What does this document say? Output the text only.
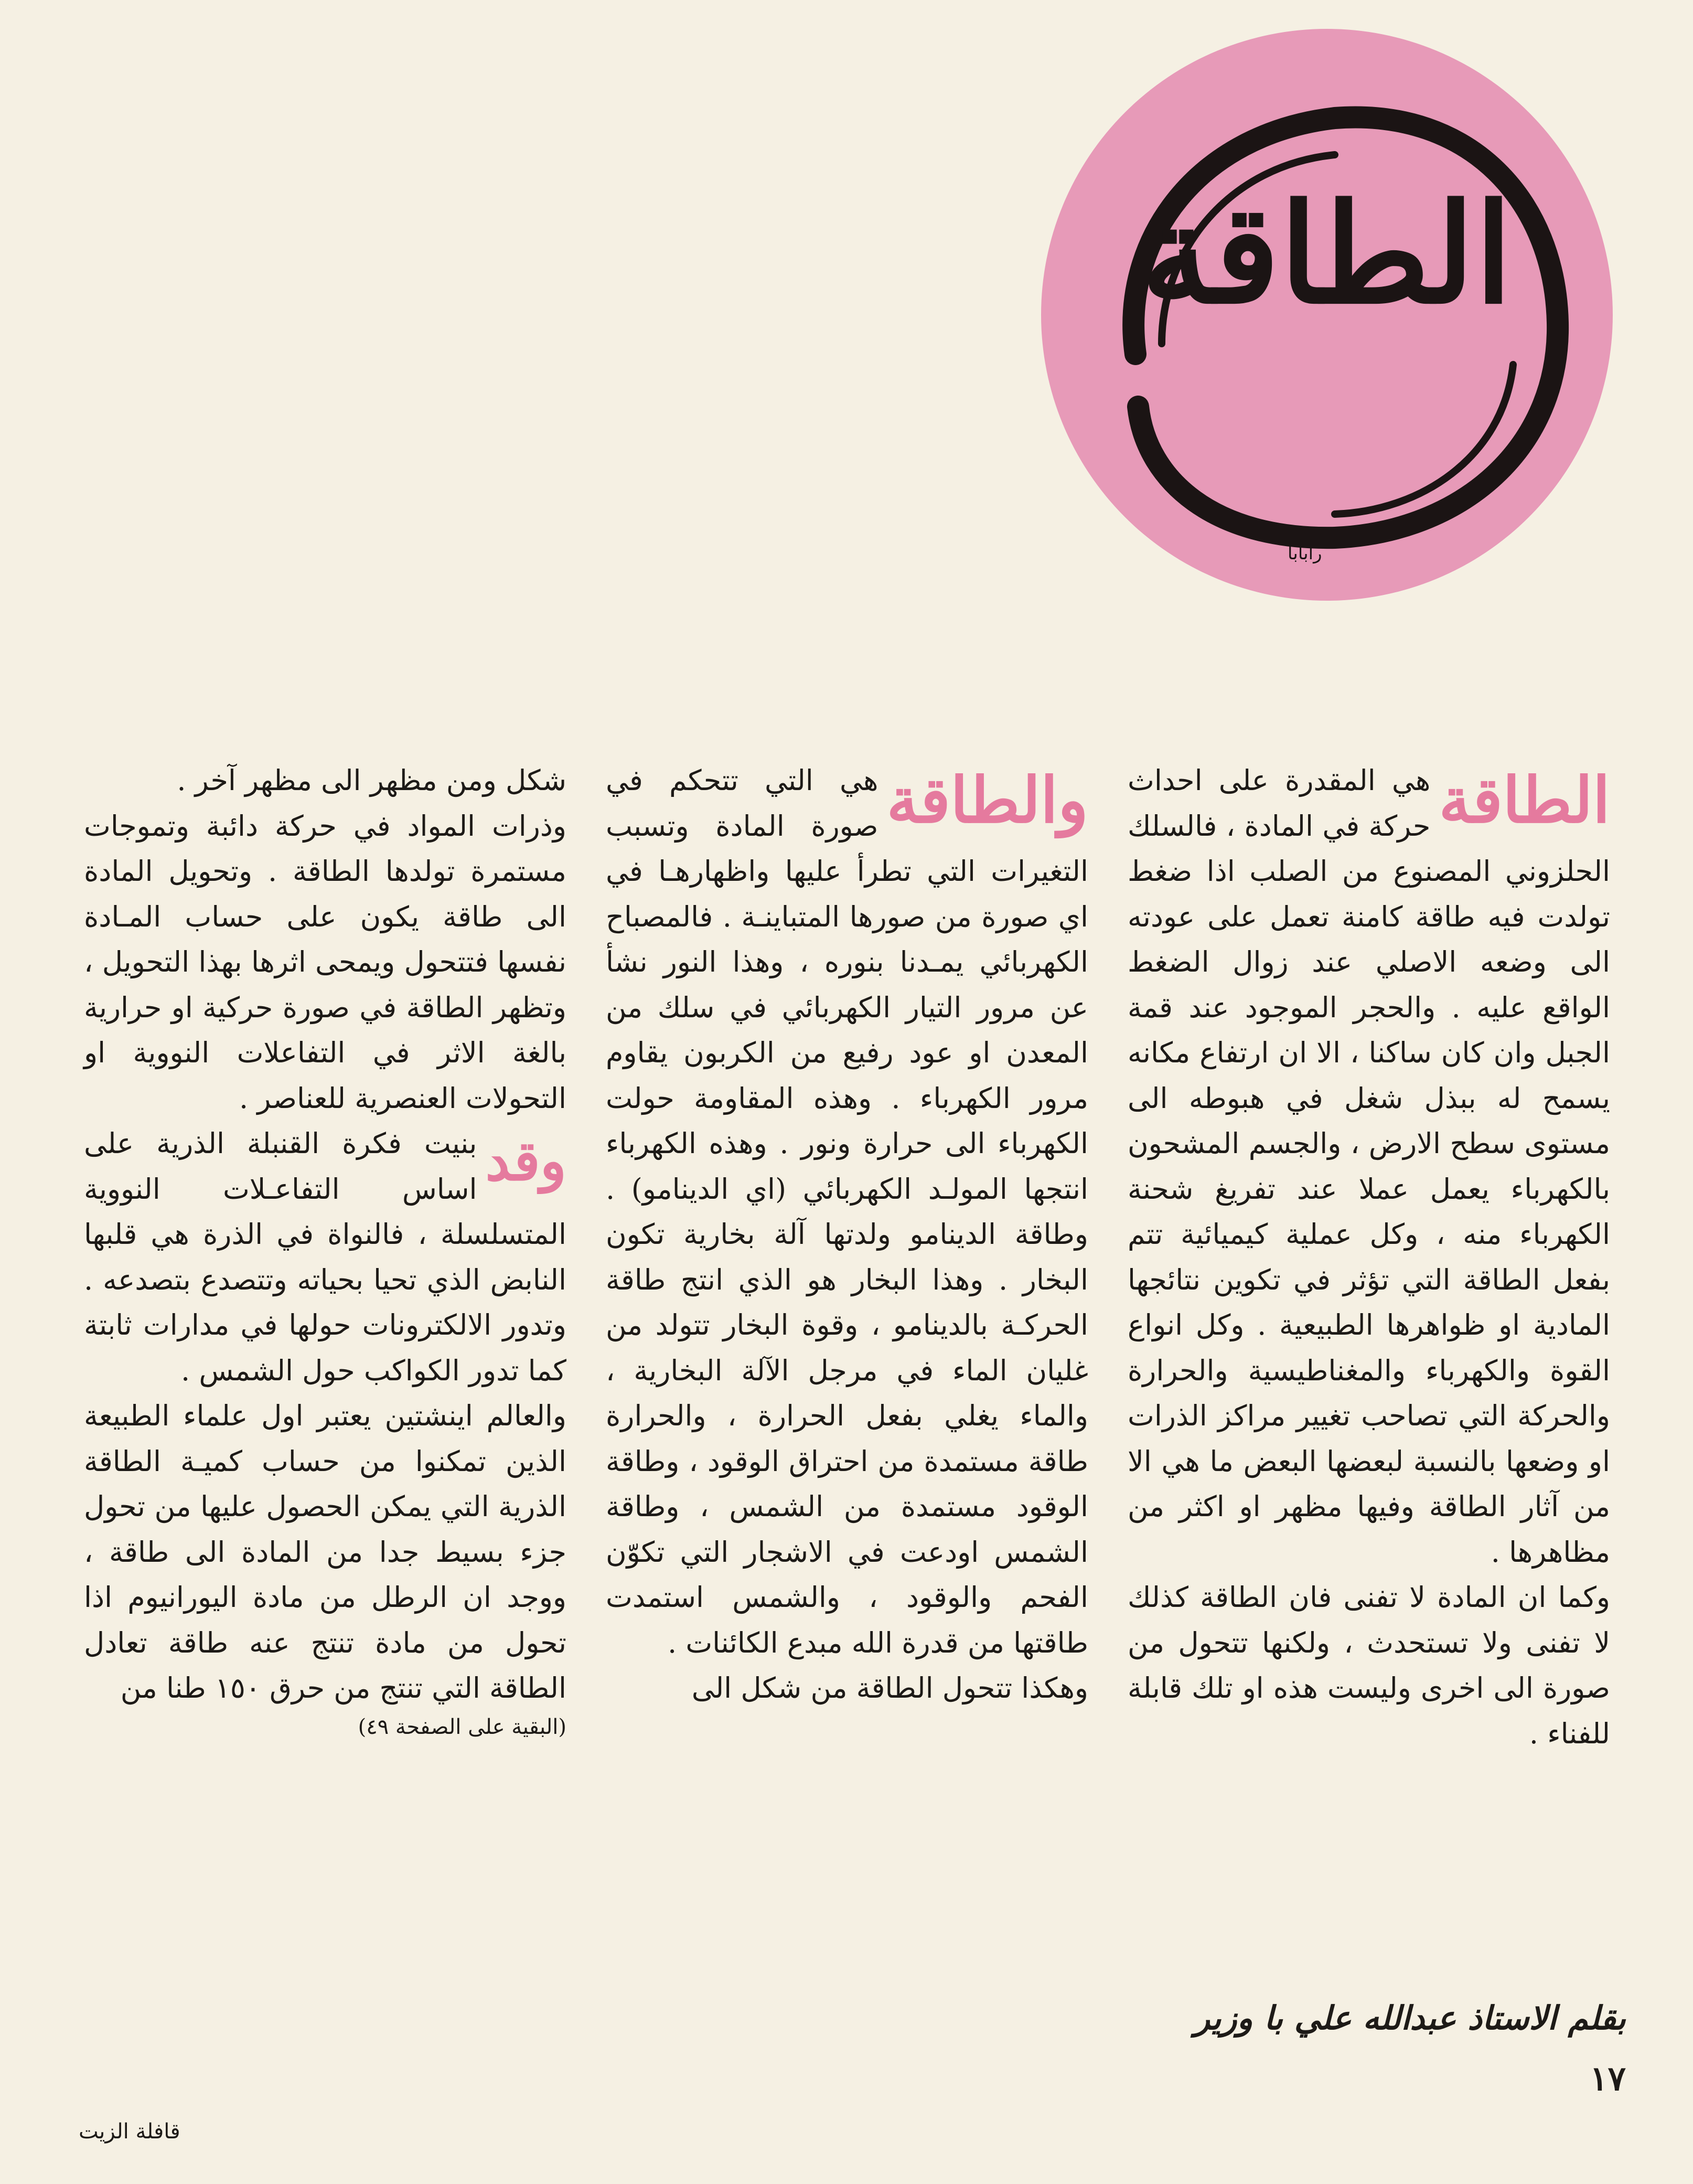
الطاقة
رابابا

الطاقة
هي المقدرة على احداث حركة في المادة ، فالسلك الحلزوني المصنوع من الصلب اذا ضغط تولدت فيه طاقة كامنة تعمل على عودته الى وضعه الاصلي عند زوال الضغط الواقع عليه . والحجر الموجود عند قمة الجبل وان كان ساكنا ، الا ان ارتفاع مكانه يسمح له ببذل شغل في هبوطه الى مستوى سطح الارض ، والجسم المشحون بالكهرباء يعمل عملا عند تفريغ شحنة الكهرباء منه ، وكل عملية كيميائية تتم بفعل الطاقة التي تؤثر في تكوين نتائجها المادية او ظواهرها الطبيعية . وكل انواع القوة والكهرباء والمغناطيسية والحرارة والحركة التي تصاحب تغيير مراكز الذرات او وضعها بالنسبة لبعضها البعض ما هي الا من آثار الطاقة وفيها مظهر او اكثر من مظاهرها .

وكما ان المادة لا تفنى فان الطاقة كذلك لا تفنى ولا تستحدث ، ولكنها تتحول من صورة الى اخرى وليست هذه او تلك قابلة للفناء .

والطاقة
هي التي تتحكم في صورة المادة وتسبب التغيرات التي تطرأ عليها واظهارهـا في اي صورة من صورها المتباينـة . فالمصباح الكهربائي يمـدنا بنوره ، وهذا النور نشأ عن مرور التيار الكهربائي في سلك من المعدن او عود رفيع من الكربون يقاوم مرور الكهرباء . وهذه المقاومة حولت الكهرباء الى حرارة ونور . وهذه الكهرباء انتجها المولـد الكهربائي (اي الدينامو) . وطاقة الدينامو ولدتها آلة بخارية تكون البخار . وهذا البخار هو الذي انتج طاقة الحركـة بالدينامو ، وقوة البخار تتولد من غليان الماء في مرجل الآلة البخارية ، والماء يغلي بفعل الحرارة ، والحرارة طاقة مستمدة من احتراق الوقود ، وطاقة الوقود مستمدة من الشمس ، وطاقة الشمس اودعت في الاشجار التي تكوّن الفحم والوقود ، والشمس استمدت طاقتها من قدرة الله مبدع الكائنات .

وهكذا تتحول الطاقة من شكل الى

شكل ومن مظهر الى مظهر آخر .

وذرات المواد في حركة دائبة وتموجات مستمرة تولدها الطاقة . وتحويل المادة الى طاقة يكون على حساب المـادة نفسها فتتحول ويمحى اثرها بهذا التحويل ، وتظهر الطاقة في صورة حركية او حرارية بالغة الاثر في التفاعلات النووية او التحولات العنصرية للعناصر .

وقد
بنيت فكرة القنبلة الذرية على اساس التفاعـلات النووية المتسلسلة ، فالنواة في الذرة هي قلبها النابض الذي تحيا بحياته وتتصدع بتصدعه . وتدور الالكترونات حولها في مدارات ثابتة كما تدور الكواكب حول الشمس .

والعالم اينشتين يعتبر اول علماء الطبيعة الذين تمكنوا من حساب كميـة الطاقة الذرية التي يمكن الحصول عليها من تحول جزء بسيط جدا من المادة الى طاقة ، ووجد ان الرطل من مادة اليورانيوم اذا تحول من مادة تنتج عنه طاقة تعادل الطاقة التي تنتج من حرق ١٥٠ طنا من

(البقية على الصفحة ٤٩)

بقلم الاستاذ عبدالله علي با وزير
١٧
قافلة الزيت
